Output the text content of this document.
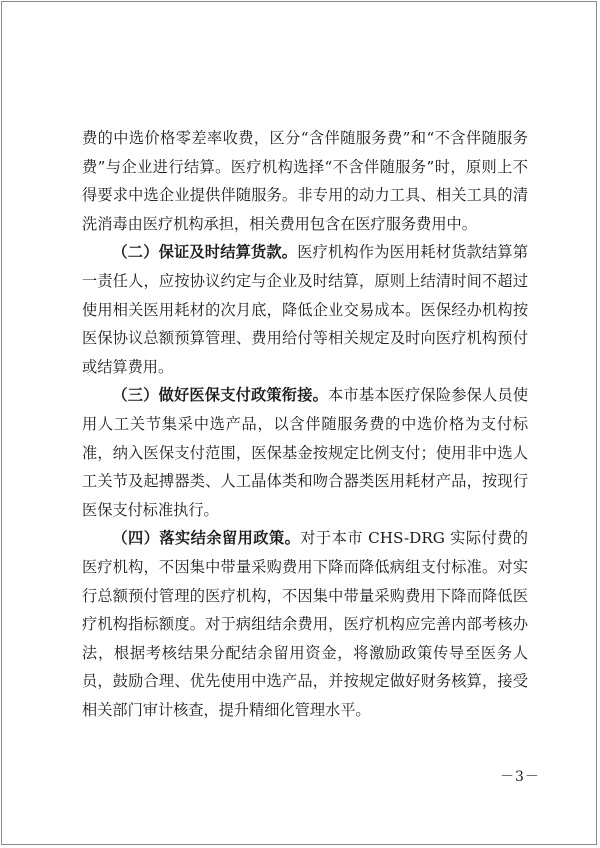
费的中选价格零差率收费，区分“含伴随服务费”和“不含伴随服务费”与企业进行结算。医疗机构选择“不含伴随服务”时，原则上不得要求中选企业提供伴随服务。非专用的动力工具、相关工具的清洗消毒由医疗机构承担，相关费用包含在医疗服务费用中。

（二）保证及时结算货款。医疗机构作为医用耗材货款结算第一责任人，应按协议约定与企业及时结算，原则上结清时间不超过使用相关医用耗材的次月底，降低企业交易成本。医保经办机构按医保协议总额预算管理、费用给付等相关规定及时向医疗机构预付或结算费用。

（三）做好医保支付政策衔接。本市基本医疗保险参保人员使用人工关节集采中选产品，以含伴随服务费的中选价格为支付标准，纳入医保支付范围，医保基金按规定比例支付；使用非中选人工关节及起搏器类、人工晶体类和吻合器类医用耗材产品，按现行医保支付标准执行。

（四）落实结余留用政策。对于本市 CHS-DRG 实际付费的医疗机构，不因集中带量采购费用下降而降低病组支付标准。对实行总额预付管理的医疗机构，不因集中带量采购费用下降而降低医疗机构指标额度。对于病组结余费用，医疗机构应完善内部考核办法，根据考核结果分配结余留用资金，将激励政策传导至医务人员，鼓励合理、优先使用中选产品，并按规定做好财务核算，接受相关部门审计核查，提升精细化管理水平。

－3－
